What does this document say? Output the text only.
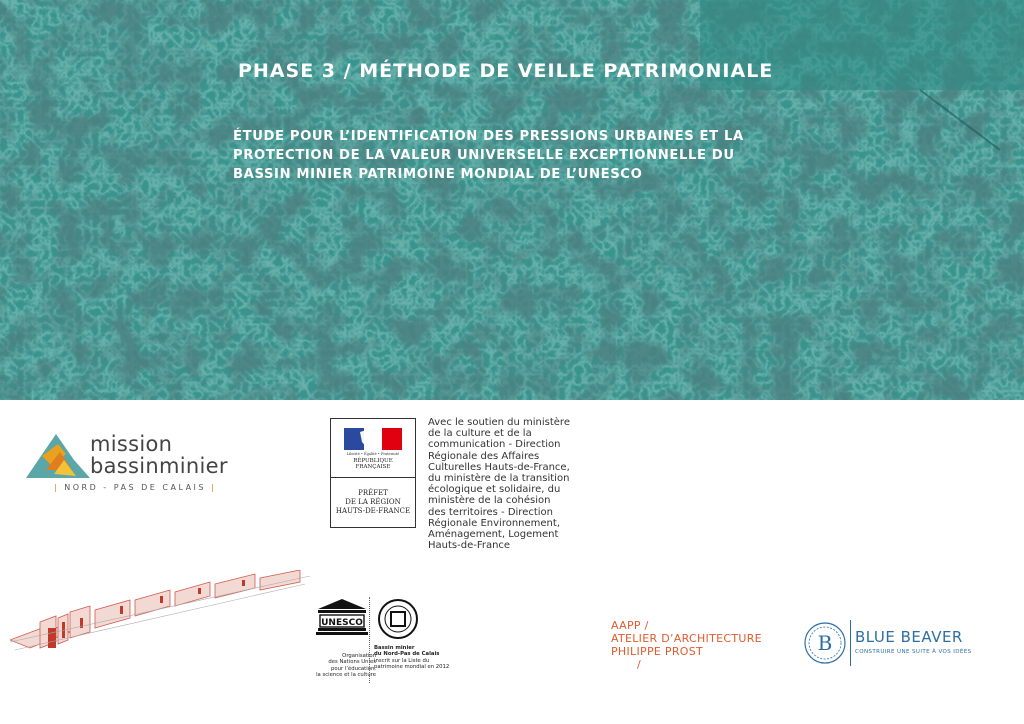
PHASE 3 / MÉTHODE DE VEILLE PATRIMONIALE
ÉTUDE POUR L’IDENTIFICATION DES PRESSIONS URBAINES ET LA
PROTECTION DE LA VALEUR UNIVERSELLE EXCEPTIONNELLE DU
BASSIN MINIER PATRIMOINE MONDIAL DE L’UNESCO
mission
bassinminier
| NORD - PAS DE CALAIS |
Liberté • Égalité • Fraternité
RÉPUBLIQUE FRANÇAISE
PRÉFET
DE LA RÉGION
HAUTS-DE-FRANCE
Avec le soutien du ministère
de la culture et de la
communication - Direction
Régionale des Affaires
Culturelles Hauts-de-France,
du ministère de la transition
écologique et solidaire, du
ministère de la cohésion
des territoires - Direction
Régionale Environnement,
Aménagement, Logement
Hauts-de-France
UNESCO
Organisation
des Nations Unies
pour l’éducation,
la science et la culture
Bassin minier
du Nord-Pas de Calais
inscrit sur la Liste du
patrimoine mondial en 2012
AAPP /
ATELIER D’ARCHITECTURE
PHILIPPE PROST
/
B BLUE BEAVER
CONSTRUIRE UNE SUITE À VOS IDÉES
